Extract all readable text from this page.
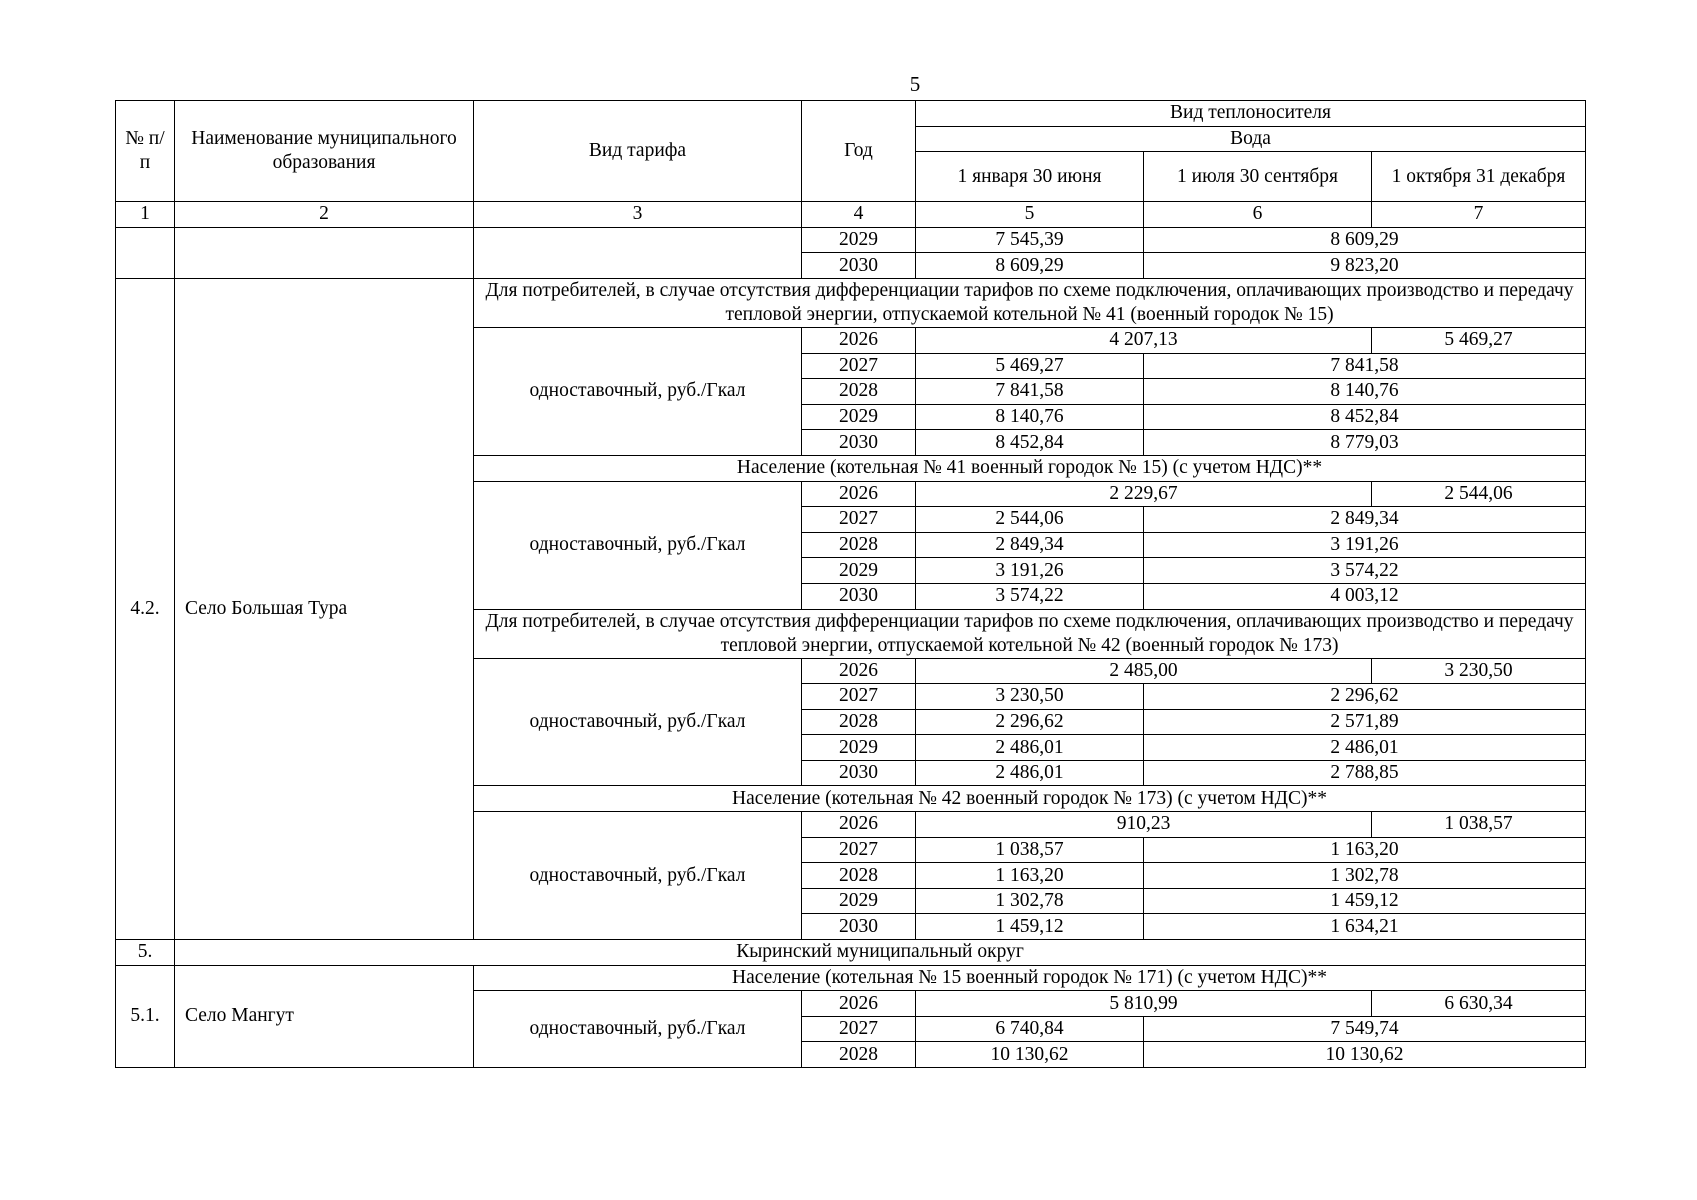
5
№ п/п	Наименование муниципального образования	Вид тарифа	Год	Вид теплоносителя		
				Вода		
				1 января 30 июня	1 июля 30 сентября	1 октября 31 декабря
1	2	3	4	5	6	7
			2029	7 545,39	8 609,29	
			2030	8 609,29	9 823,20	
4.2.	Село Большая Тура	Для потребителей, в случае отсутствия дифференциации тарифов по схеме подключения, оплачивающих производство и передачу тепловой энергии, отпускаемой котельной № 41 (военный городок № 15)				
		одноставочный, руб./Гкал	2026	4 207,13		5 469,27
			2027	5 469,27	7 841,58	
			2028	7 841,58	8 140,76	
			2029	8 140,76	8 452,84	
			2030	8 452,84	8 779,03	
		Население (котельная № 41 военный городок № 15) (с учетом НДС)**				
		одноставочный, руб./Гкал	2026	2 229,67		2 544,06
			2027	2 544,06	2 849,34	
			2028	2 849,34	3 191,26	
			2029	3 191,26	3 574,22	
			2030	3 574,22	4 003,12	
		Для потребителей, в случае отсутствия дифференциации тарифов по схеме подключения, оплачивающих производство и передачу тепловой энергии, отпускаемой котельной № 42 (военный городок № 173)				
		одноставочный, руб./Гкал	2026	2 485,00		3 230,50
			2027	3 230,50	2 296,62	
			2028	2 296,62	2 571,89	
			2029	2 486,01	2 486,01	
			2030	2 486,01	2 788,85	
		Население (котельная № 42 военный городок № 173) (с учетом НДС)**				
		одноставочный, руб./Гкал	2026	910,23		1 038,57
			2027	1 038,57	1 163,20	
			2028	1 163,20	1 302,78	
			2029	1 302,78	1 459,12	
			2030	1 459,12	1 634,21	
5.	Кыринский муниципальный округ					
5.1.	Село Мангут	Население (котельная № 15 военный городок № 171) (с учетом НДС)**				
		одноставочный, руб./Гкал	2026	5 810,99		6 630,34
			2027	6 740,84	7 549,74	
			2028	10 130,62	10 130,62	
